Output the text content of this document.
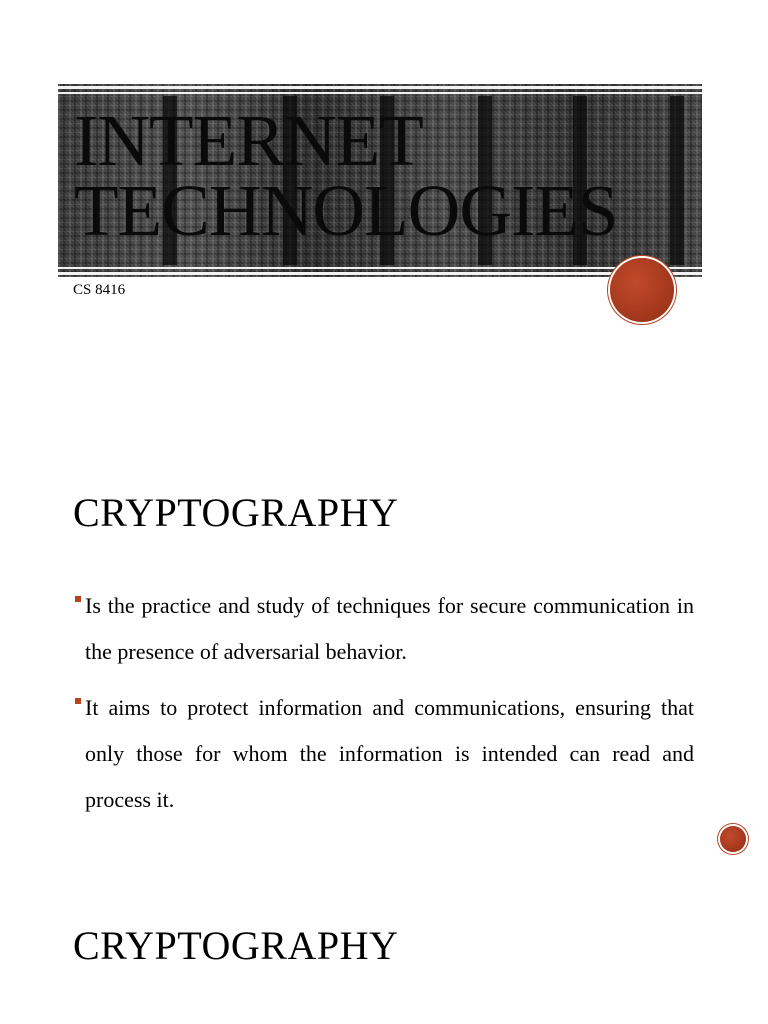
INTERNET TECHNOLOGIES
CS 8416
CRYPTOGRAPHY
Is the practice and study of techniques for secure communication in the presence of adversarial behavior.
It aims to protect information and communications, ensuring that only those for whom the information is intended can read and process it.
CRYPTOGRAPHY
